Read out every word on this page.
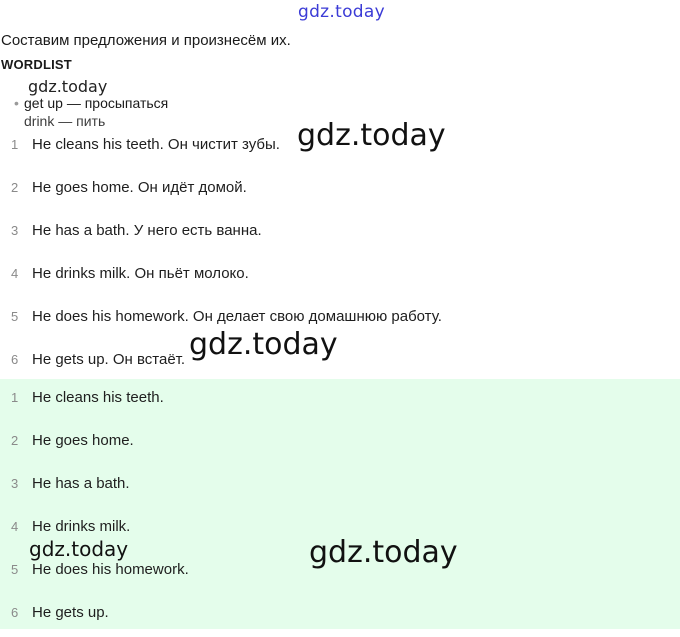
gdz.today
Составим предложения и произнесём их.
WORDLIST
• get up — просыпаться
drink — пить
1 He cleans his teeth. Он чистит зубы.
2 He goes home. Он идёт домой.
3 He has a bath. У него есть ванна.
4 He drinks milk. Он пьёт молоко.
5 He does his homework. Он делает свою домашнюю работу.
6 He gets up. Он встаёт.
1 He cleans his teeth.
2 He goes home.
3 He has a bath.
4 He drinks milk.
5 He does his homework.
6 He gets up.
gdz.today
gdz.today
gdz.today
gdz.today	gdz.today
